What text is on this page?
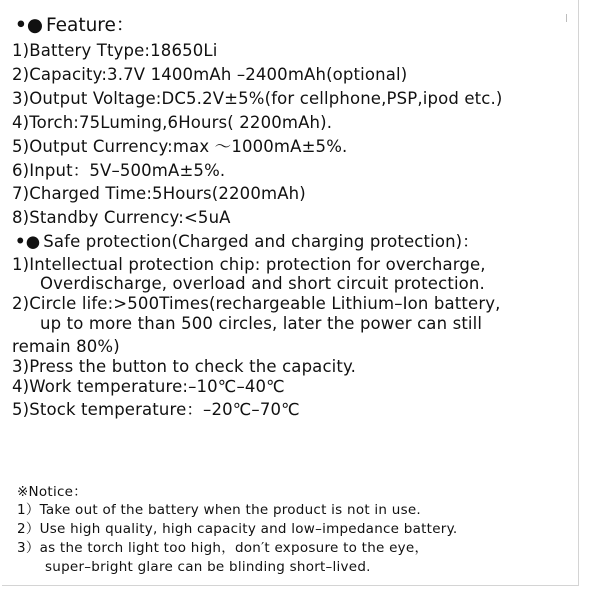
•● Feature：
1)Battery Ttype:18650Li
2)Capacity:3.7V 1400mAh –2400mAh(optional)
3)Output Voltage:DC5.2V±5%(for cellphone,PSP,ipod etc.)
4)Torch:75Luming,6Hours( 2200mAh).
5)Output Currency:max ～1000mA±5%.
6)Input：5V–500mA±5%.
7)Charged Time:5Hours(2200mAh)
8)Standby Currency:<5uA
•● Safe protection(Charged and charging protection)：
1)Intellectual protection chip: protection for overcharge,
Overdischarge, overload and short circuit protection.
2)Circle life:>500Times(rechargeable Lithium–Ion battery,
up to more than 500 circles, later the power can still
remain 80%)
3)Press the button to check the capacity.
4)Work temperature:–10℃–40℃
5)Stock temperature：–20℃–70℃
※Notice：
1）Take out of the battery when the product is not in use.
2）Use high quality, high capacity and low–impedance battery.
3）as the torch light too high，don′t exposure to the eye，
super–bright glare can be blinding short–lived.
